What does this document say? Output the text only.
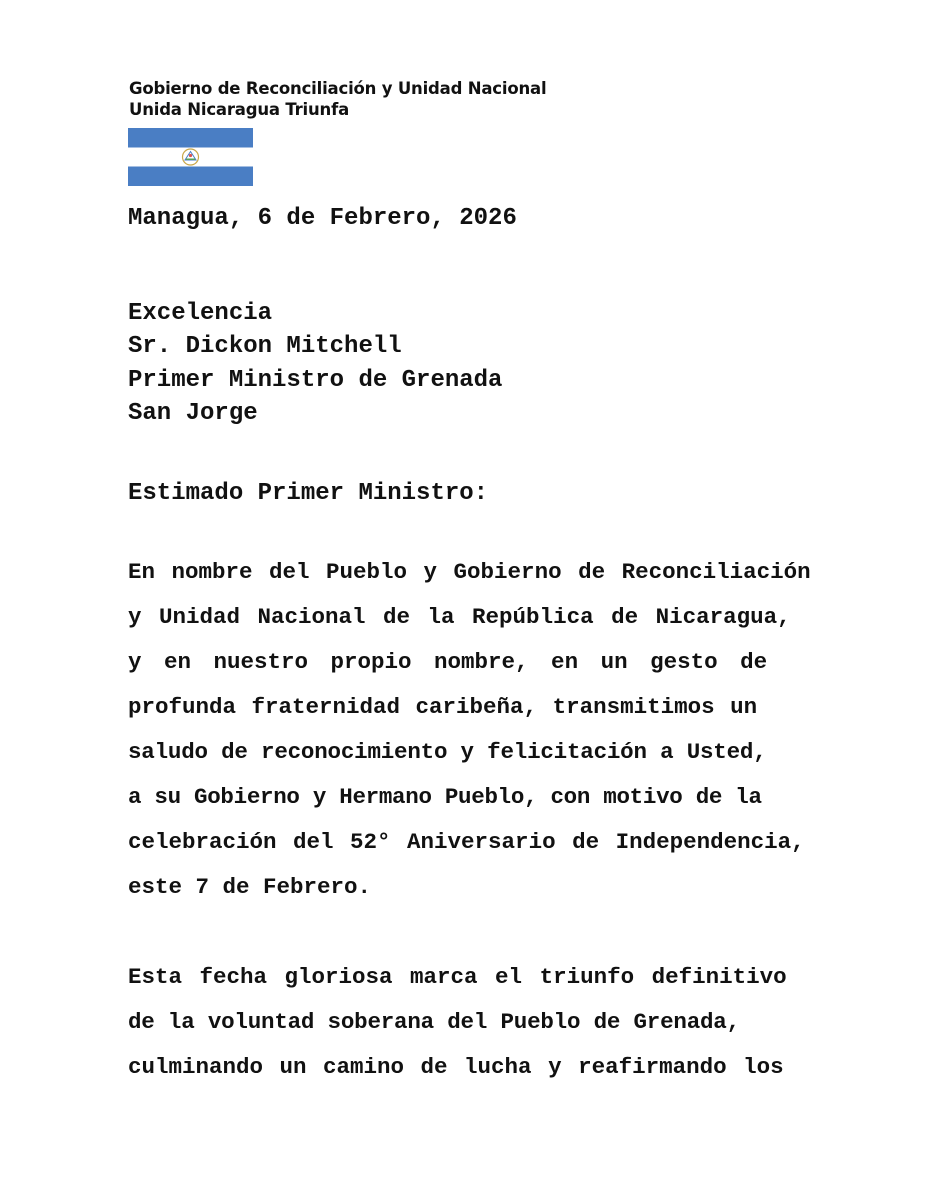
Gobierno de Reconciliación y Unidad Nacional
Unida Nicaragua Triunfa
Managua, 6 de Febrero, 2026
Excelencia
Sr. Dickon Mitchell
Primer Ministro de Grenada
San Jorge
Estimado Primer Ministro:
En nombre del Pueblo y Gobierno de Reconciliación
y Unidad Nacional de la República de Nicaragua,
y en nuestro propio nombre, en un gesto de
profunda fraternidad caribeña, transmitimos un
saludo de reconocimiento y felicitación a Usted,
a su Gobierno y Hermano Pueblo, con motivo de la
celebración del 52° Aniversario de Independencia,
este 7 de Febrero.
Esta fecha gloriosa marca el triunfo definitivo
de la voluntad soberana del Pueblo de Grenada,
culminando un camino de lucha y reafirmando los
